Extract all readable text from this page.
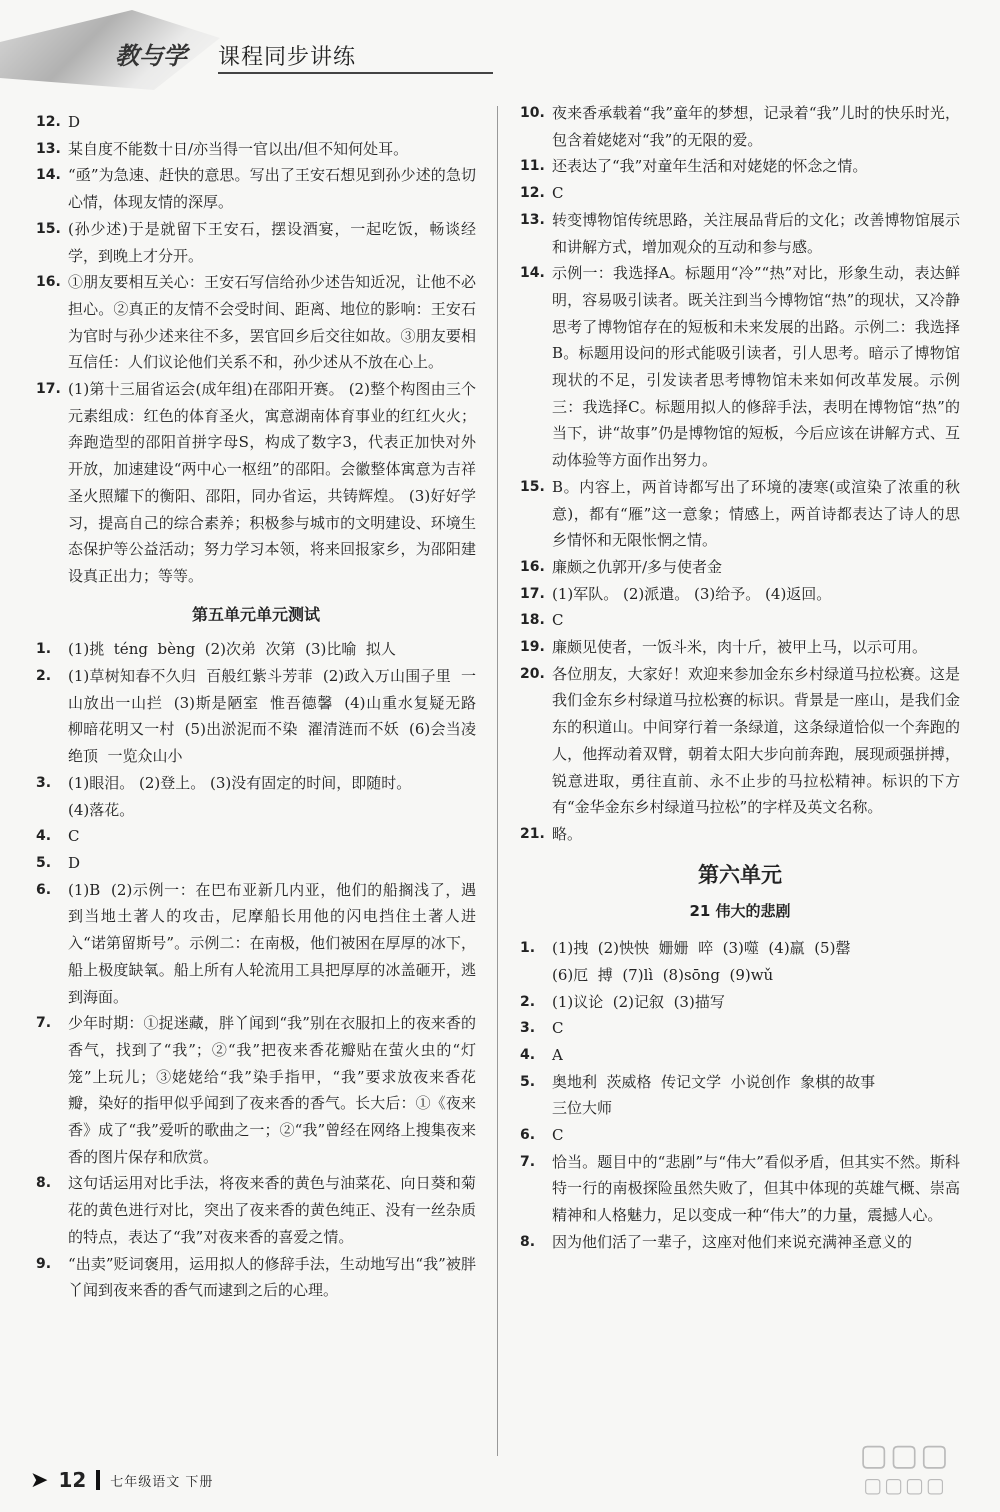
教与学 课程同步讲练
12. D
13. 某自度不能数十日/亦当得一官以出/但不知何处耳。
14. “亟”为急速、赶快的意思。写出了王安石想见到孙少述的急切心情，体现友情的深厚。
15. (孙少述)于是就留下王安石，摆设酒宴，一起吃饭，畅谈经学，到晚上才分开。
16. ①朋友要相互关心：王安石写信给孙少述告知近况，让他不必担心。②真正的友情不会受时间、距离、地位的影响：王安石为官时与孙少述来往不多，罢官回乡后交往如故。③朋友要相互信任：人们议论他们关系不和，孙少述从不放在心上。
17. (1)第十三届省运会(成年组)在邵阳开赛。 (2)整个构图由三个元素组成：红色的体育圣火，寓意湖南体育事业的红红火火；奔跑造型的邵阳首拼字母S，构成了数字3，代表正加快对外开放，加速建设“两中心一枢纽”的邵阳。会徽整体寓意为吉祥圣火照耀下的衡阳、邵阳，同办省运，共铸辉煌。 (3)好好学习，提高自己的综合素养；积极参与城市的文明建设、环境生态保护等公益活动；努力学习本领，将来回报家乡，为邵阳建设真正出力；等等。
第五单元单元测试
1.	(1)挑  téng  bèng  (2)次弟  次第  (3)比喻  拟人
2.	(1)草树知春不久归  百般红紫斗芳菲  (2)政入万山围子里  一山放出一山拦  (3)斯是陋室  惟吾德馨  (4)山重水复疑无路  柳暗花明又一村  (5)出淤泥而不染  濯清涟而不妖  (6)会当凌绝顶  一览众山小
3.	(1)眼泪。 (2)登上。 (3)没有固定的时间，即随时。
(4)落花。
4.	C
5.	D
6.	(1)B  (2)示例一：在巴布亚新几内亚，他们的船搁浅了，遇到当地土著人的攻击，尼摩船长用他的闪电挡住土著人进入“诺第留斯号”。示例二：在南极，他们被困在厚厚的冰下，船上极度缺氧。船上所有人轮流用工具把厚厚的冰盖砸开，逃到海面。
7.	少年时期：①捉迷藏，胖丫闻到“我”别在衣服扣上的夜来香的香气，找到了“我”；②“我”把夜来香花瓣贴在萤火虫的“灯笼”上玩儿；③姥姥给“我”染手指甲，“我”要求放夜来香花瓣，染好的指甲似乎闻到了夜来香的香气。长大后：①《夜来香》成了“我”爱听的歌曲之一；②“我”曾经在网络上搜集夜来香的图片保存和欣赏。
8.	这句话运用对比手法，将夜来香的黄色与油菜花、向日葵和菊花的黄色进行对比，突出了夜来香的黄色纯正、没有一丝杂质的特点，表达了“我”对夜来香的喜爱之情。
9.	“出卖”贬词褒用，运用拟人的修辞手法，生动地写出“我”被胖丫闻到夜来香的香气而逮到之后的心理。
10. 夜来香承载着“我”童年的梦想，记录着“我”儿时的快乐时光，包含着姥姥对“我”的无限的爱。
11. 还表达了“我”对童年生活和对姥姥的怀念之情。
12. C
13. 转变博物馆传统思路，关注展品背后的文化；改善博物馆展示和讲解方式，增加观众的互动和参与感。
14. 示例一：我选择A。标题用“冷”“热”对比，形象生动，表达鲜明，容易吸引读者。既关注到当今博物馆“热”的现状，又冷静思考了博物馆存在的短板和未来发展的出路。示例二：我选择B。标题用设问的形式能吸引读者，引人思考。暗示了博物馆现状的不足，引发读者思考博物馆未来如何改革发展。示例三：我选择C。标题用拟人的修辞手法，表明在博物馆“热”的当下，讲“故事”仍是博物馆的短板，今后应该在讲解方式、互动体验等方面作出努力。
15. B。内容上，两首诗都写出了环境的凄寒(或渲染了浓重的秋意)，都有“雁”这一意象；情感上，两首诗都表达了诗人的思乡情怀和无限怅惘之情。
16. 廉颇之仇郭开/多与使者金
17. (1)军队。 (2)派遣。 (3)给予。 (4)返回。
18. C
19. 廉颇见使者，一饭斗米，肉十斤，被甲上马，以示可用。
20. 各位朋友，大家好！欢迎来参加金东乡村绿道马拉松赛。这是我们金东乡村绿道马拉松赛的标识。背景是一座山，是我们金东的积道山。中间穿行着一条绿道，这条绿道恰似一个奔跑的人，他挥动着双臂，朝着太阳大步向前奔跑，展现顽强拼搏，锐意进取，勇往直前、永不止步的马拉松精神。标识的下方有“金华金东乡村绿道马拉松”的字样及英文名称。
21. 略。
第六单元
21 伟大的悲剧
1.	(1)拽  (2)怏怏  姗姗  啐  (3)噬  (4)羸  (5)罄
(6)厄  搏  (7)lì  (8)sōng  (9)wǔ
2.	(1)议论  (2)记叙  (3)描写
3.	C
4.	A
5.	奥地利  茨威格  传记文学  小说创作  象棋的故事
三位大师
6.	C
7.	恰当。题目中的“悲剧”与“伟大”看似矛盾，但其实不然。斯科特一行的南极探险虽然失败了，但其中体现的英雄气概、崇高精神和人格魅力，足以变成一种“伟大”的力量，震撼人心。
8.	因为他们活了一辈子，这座对他们来说充满神圣意义的
➤ 12 七年级语文 下册
▢▢▢
▢▢▢▢
